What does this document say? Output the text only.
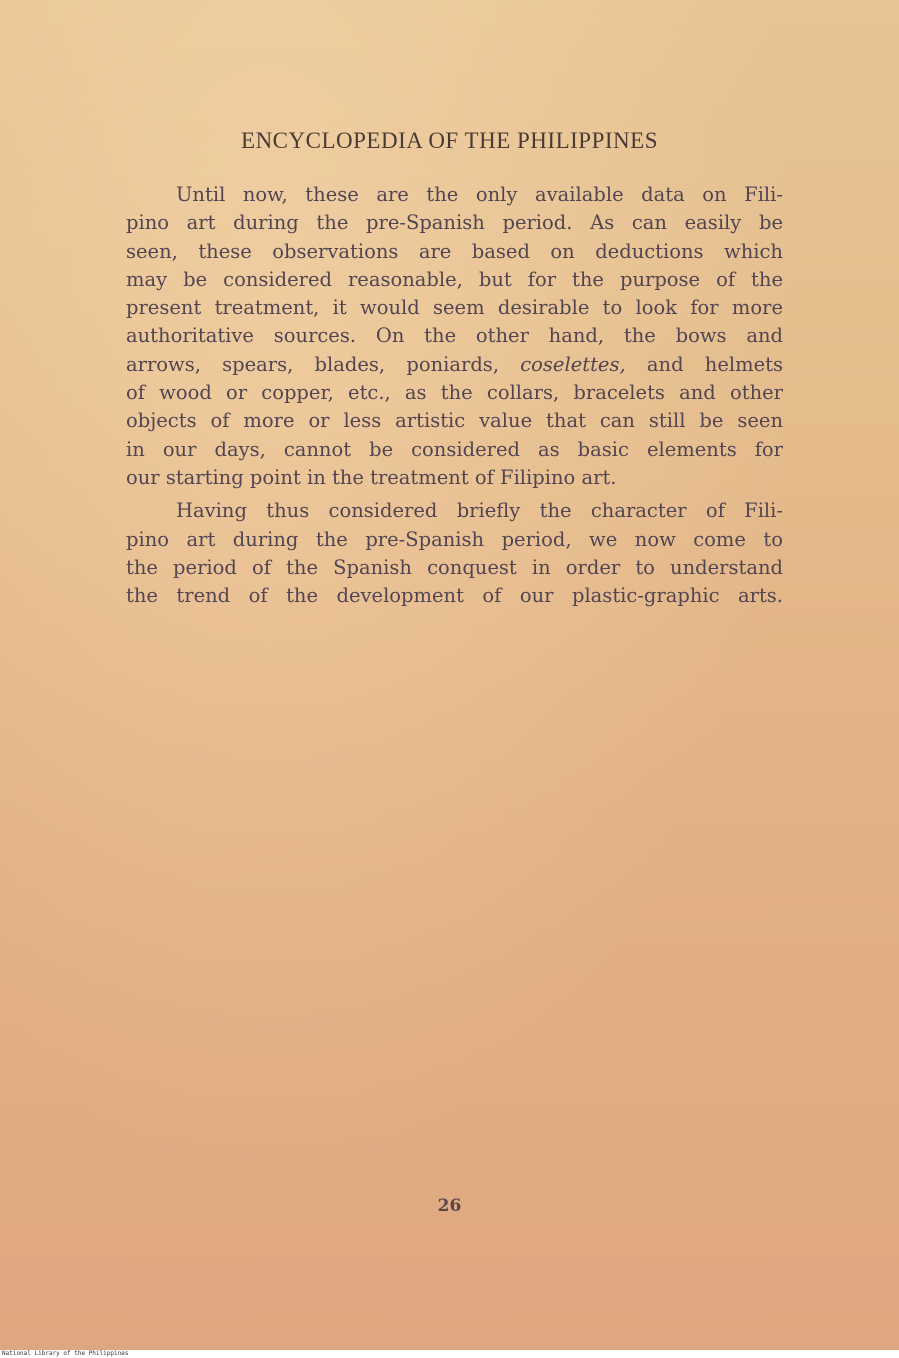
ENCYCLOPEDIA OF THE PHILIPPINES
Until now, these are the only available data on Fili-
pino art during the pre-Spanish period. As can easily be
seen, these observations are based on deductions which
may be considered reasonable, but for the purpose of the
present treatment, it would seem desirable to look for more
authoritative sources. On the other hand, the bows and
arrows, spears, blades, poniards, coselettes, and helmets
of wood or copper, etc., as the collars, bracelets and other
objects of more or less artistic value that can still be seen
in our days, cannot be considered as basic elements for
our starting point in the treatment of Filipino art.
Having thus considered briefly the character of Fili-
pino art during the pre-Spanish period, we now come to
the period of the Spanish conquest in order to understand
the trend of the development of our plastic-graphic arts.
26
National Library of the Philippines
